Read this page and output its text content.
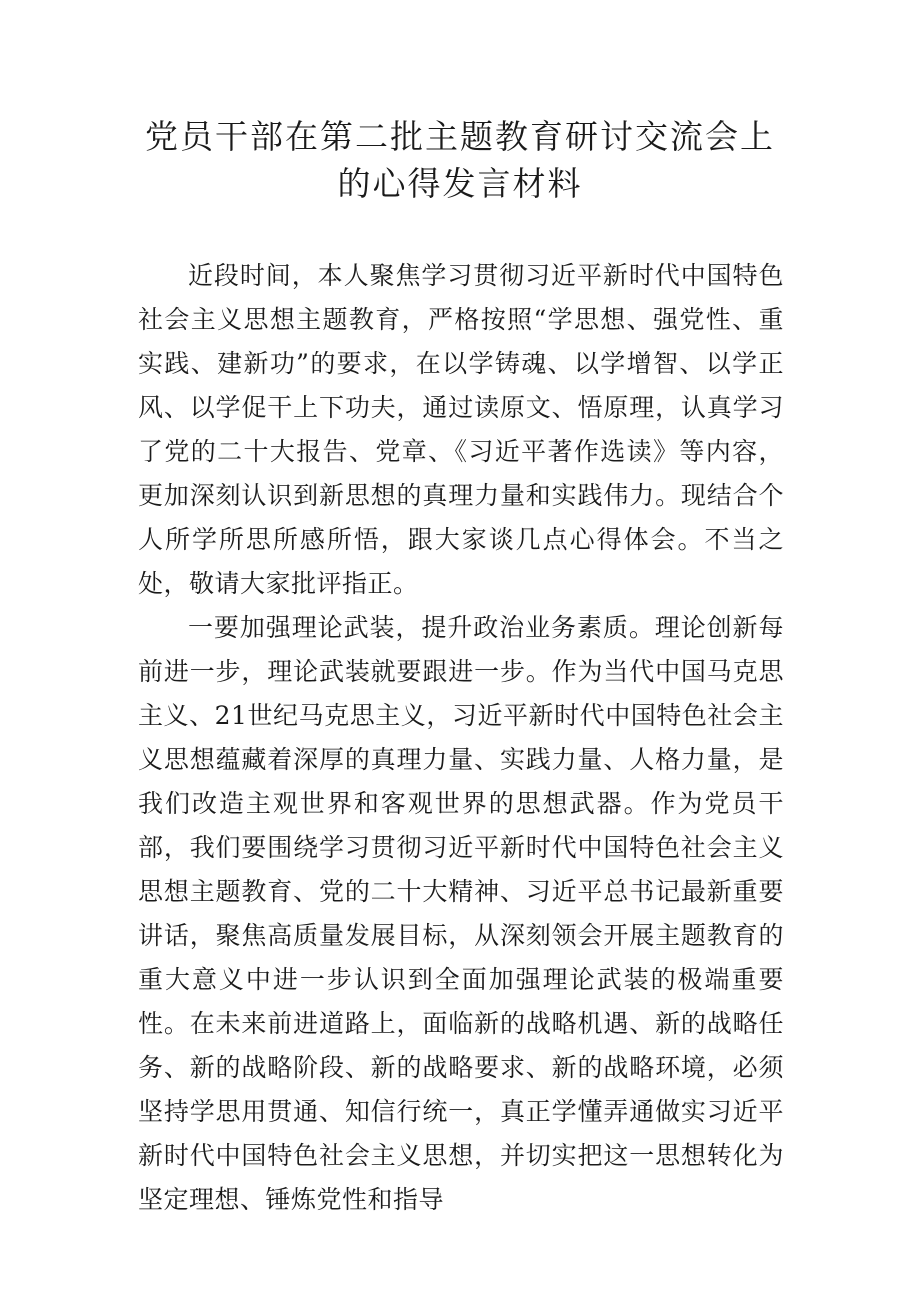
党员干部在第二批主题教育研讨交流会上
的心得发言材料

近段时间，本人聚焦学习贯彻习近平新时代中国特色社会主义思想主题教育，严格按照“学思想、强党性、重实践、建新功”的要求，在以学铸魂、以学增智、以学正风、以学促干上下功夫，通过读原文、悟原理，认真学习了党的二十大报告、党章、《习近平著作选读》等内容，更加深刻认识到新思想的真理力量和实践伟力。现结合个人所学所思所感所悟，跟大家谈几点心得体会。不当之处，敬请大家批评指正。

一要加强理论武装，提升政治业务素质。理论创新每前进一步，理论武装就要跟进一步。作为当代中国马克思主义、21世纪马克思主义，习近平新时代中国特色社会主义思想蕴藏着深厚的真理力量、实践力量、人格力量，是我们改造主观世界和客观世界的思想武器。作为党员干部，我们要围绕学习贯彻习近平新时代中国特色社会主义思想主题教育、党的二十大精神、习近平总书记最新重要讲话，聚焦高质量发展目标，从深刻领会开展主题教育的重大意义中进一步认识到全面加强理论武装的极端重要性。在未来前进道路上，面临新的战略机遇、新的战略任务、新的战略阶段、新的战略要求、新的战略环境，必须坚持学思用贯通、知信行统一，真正学懂弄通做实习近平新时代中国特色社会主义思想，并切实把这一思想转化为坚定理想、锤炼党性和指导
